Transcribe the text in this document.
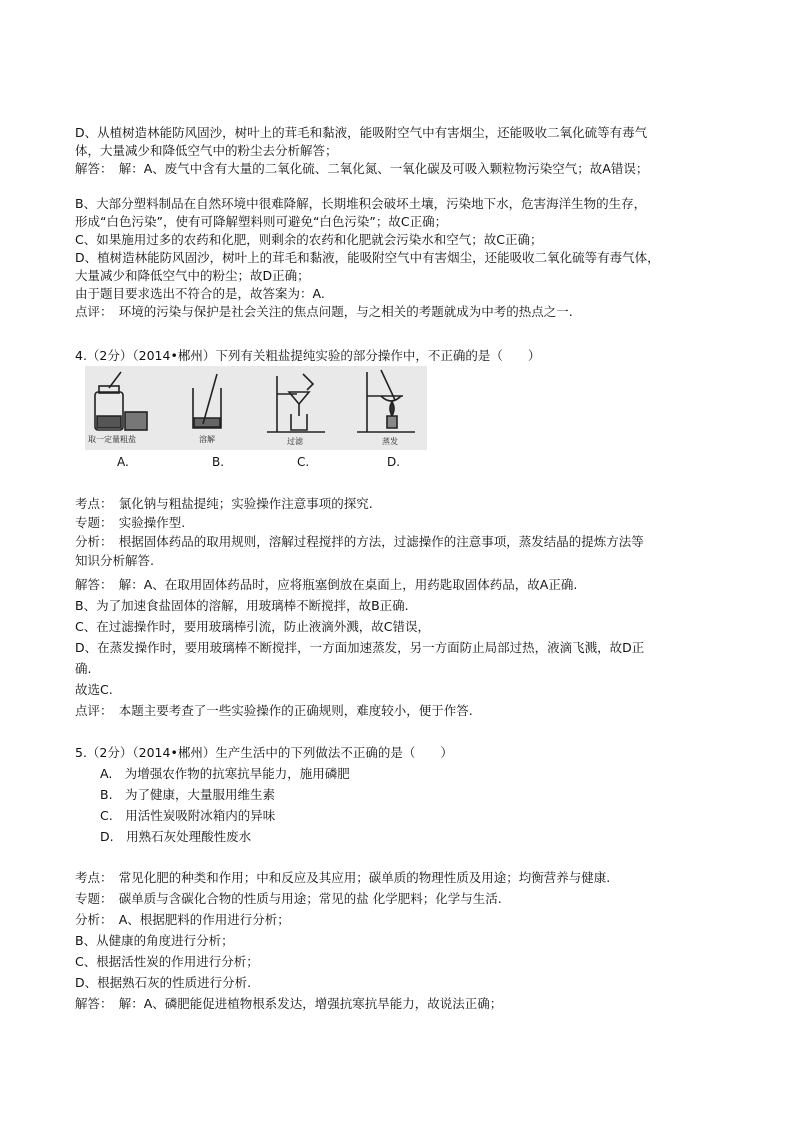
D、从植树造林能防风固沙，树叶上的茸毛和黏液，能吸附空气中有害烟尘，还能吸收二氧化硫等有毒气
体，大量减少和降低空气中的粉尘去分析解答；
解答：　解：A、废气中含有大量的二氧化硫、二氧化氮、一氧化碳及可吸入颗粒物污染空气；故A错误；
B、大部分塑料制品在自然环境中很难降解，长期堆积会破坏土壤，污染地下水，危害海洋生物的生存，
形成“白色污染”，使有可降解塑料则可避免“白色污染”；故C正确；
C、如果施用过多的农药和化肥，则剩余的农药和化肥就会污染水和空气；故C正确；
D、植树造林能防风固沙，树叶上的茸毛和黏液，能吸附空气中有害烟尘，还能吸收二氧化硫等有毒气体，
大量减少和降低空气中的粉尘；故D正确；
由于题目要求选出不符合的是，故答案为：A.
点评：　环境的污染与保护是社会关注的焦点问题，与之相关的考题就成为中考的热点之一.
4.（2分）（2014•郴州）下列有关粗盐提纯实验的部分操作中，不正确的是（　　）
取一定量粗盐	溶解	过滤	蒸发
A.	B.	C.	D.
考点：　氯化钠与粗盐提纯；实验操作注意事项的探究.
专题：　实验操作型.
分析：　根据固体药品的取用规则，溶解过程搅拌的方法，过滤操作的注意事项，蒸发结晶的提炼方法等
知识分析解答.
解答：　解：A、在取用固体药品时，应将瓶塞倒放在桌面上，用药匙取固体药品，故A正确.
B、为了加速食盐固体的溶解，用玻璃棒不断搅拌，故B正确.
C、在过滤操作时，要用玻璃棒引流，防止液滴外溅，故C错误，
D、在蒸发操作时，要用玻璃棒不断搅拌，一方面加速蒸发，另一方面防止局部过热，液滴飞溅，故D正
确.
故选C.
点评：　本题主要考查了一些实验操作的正确规则，难度较小，便于作答.
5.（2分）（2014•郴州）生产生活中的下列做法不正确的是（　　）
A.　为增强农作物的抗寒抗旱能力，施用磷肥
B.　为了健康，大量服用维生素
C.　用活性炭吸附冰箱内的异味
D.　用熟石灰处理酸性废水
考点：　常见化肥的种类和作用；中和反应及其应用；碳单质的物理性质及用途；均衡营养与健康.
专题：　碳单质与含碳化合物的性质与用途；常见的盐 化学肥料；化学与生活.
分析：　A、根据肥料的作用进行分析；
B、从健康的角度进行分析；
C、根据活性炭的作用进行分析；
D、根据熟石灰的性质进行分析.
解答：　解：A、磷肥能促进植物根系发达，增强抗寒抗旱能力，故说法正确；
